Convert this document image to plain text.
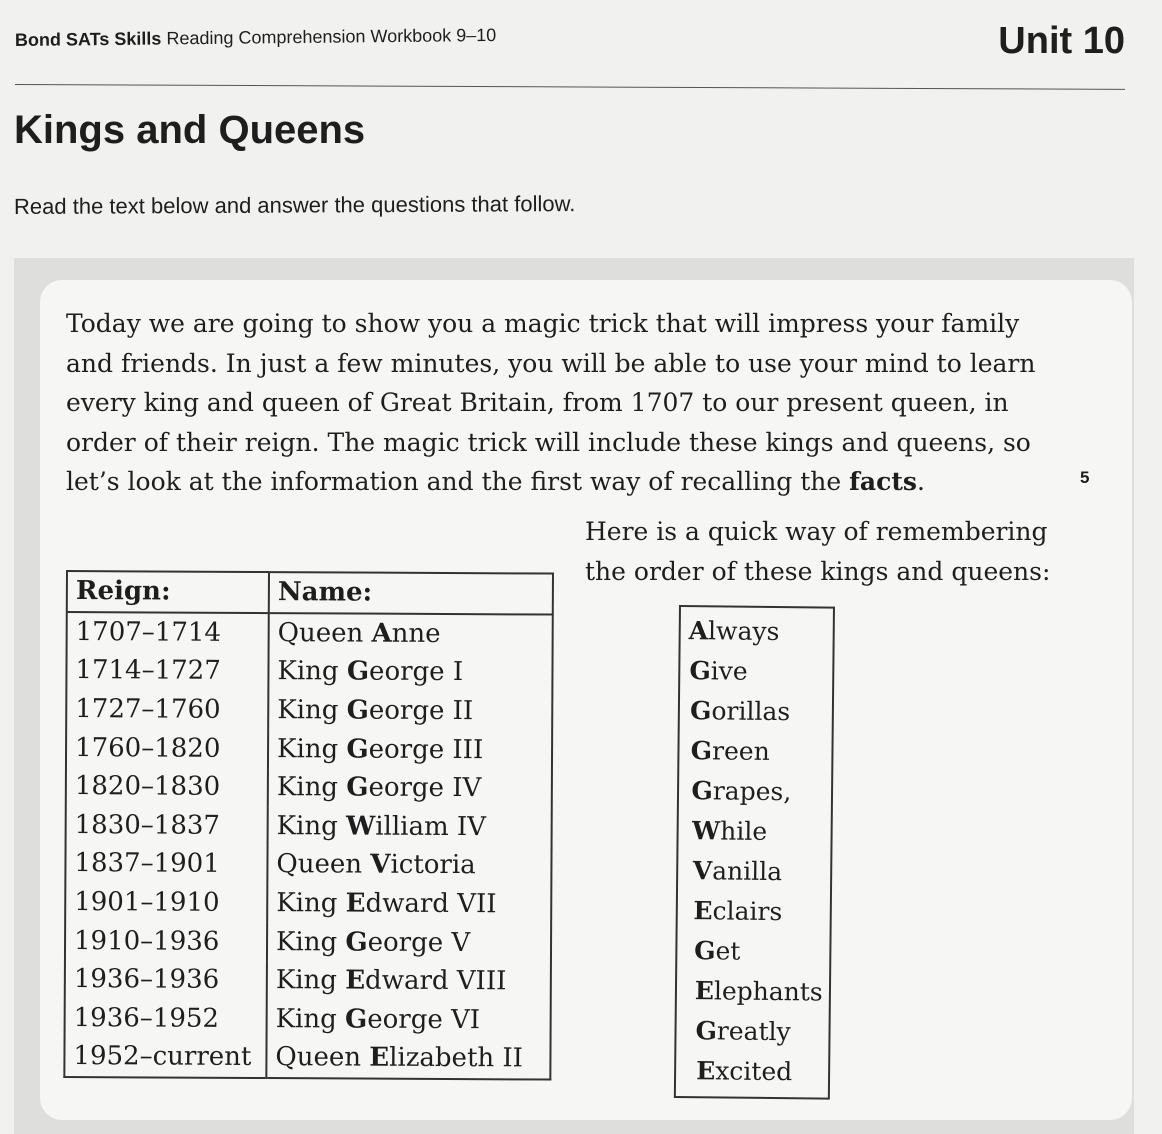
Bond SATs Skills Reading Comprehension Workbook 9–10	Unit 10
Kings and Queens
Read the text below and answer the questions that follow.

Today we are going to show you a magic trick that will impress your family
and friends. In just a few minutes, you will be able to use your mind to learn
every king and queen of Great Britain, from 1707 to our present queen, in
order of their reign. The magic trick will include these kings and queens, so
let’s look at the information and the first way of recalling the facts.	5

Here is a quick way of remembering
the order of these kings and queens:

Reign:	Name:
1707–1714	Queen Anne
1714–1727	King George I
1727–1760	King George II
1760–1820	King George III
1820–1830	King George IV
1830–1837	King William IV
1837–1901	Queen Victoria
1901–1910	King Edward VII
1910–1936	King George V
1936–1936	King Edward VIII
1936–1952	King George VI
1952–current	Queen Elizabeth II
Always
Give
Gorillas
Green
Grapes,
While
Vanilla
Eclairs
Get
Elephants
Greatly
Excited
